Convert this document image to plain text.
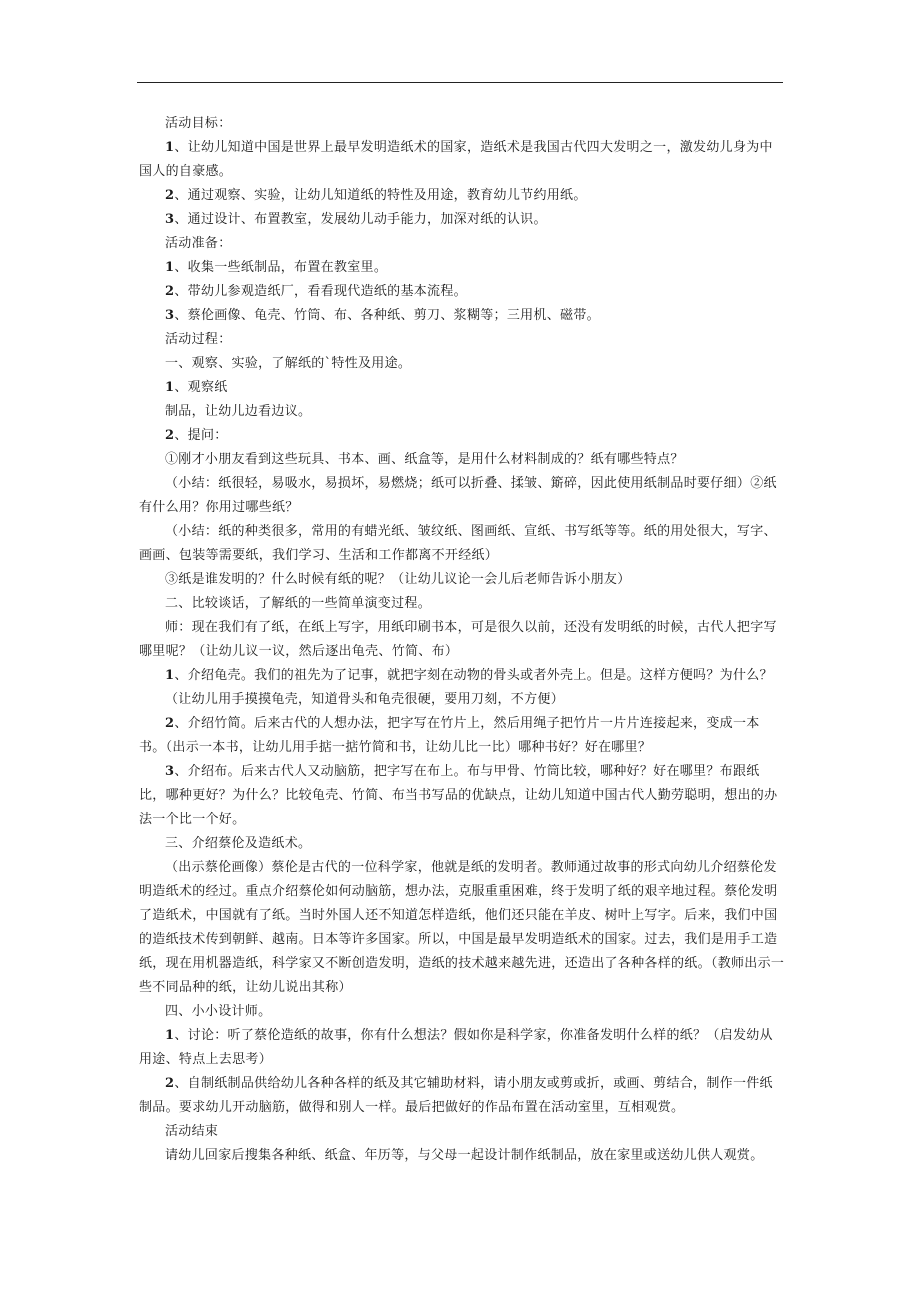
活动目标：

1、让幼儿知道中国是世界上最早发明造纸术的国家，造纸术是我国古代四大发明之一，激发幼儿身为中国人的自豪感。

2、通过观察、实验，让幼儿知道纸的特性及用途，教育幼儿节约用纸。

3、通过设计、布置教室，发展幼儿动手能力，加深对纸的认识。

活动准备：

1、收集一些纸制品，布置在教室里。

2、带幼儿参观造纸厂，看看现代造纸的基本流程。

3、蔡伦画像、龟壳、竹筒、布、各种纸、剪刀、浆糊等；三用机、磁带。

活动过程：

一、观察、实验，了解纸的`特性及用途。

1、观察纸

制品，让幼儿边看边议。

2、提问：

①刚才小朋友看到这些玩具、书本、画、纸盒等，是用什么材料制成的？纸有哪些特点？

（小结：纸很轻，易吸水，易损坏，易燃烧；纸可以折叠、揉皱、簛碎，因此使用纸制品时要仔细）②纸有什么用？你用过哪些纸？

（小结：纸的种类很多，常用的有蜡光纸、皱纹纸、图画纸、宣纸、书写纸等等。纸的用处很大，写字、画画、包装等需要纸，我们学习、生活和工作都离不开经纸）

③纸是谁发明的？什么时候有纸的呢？（让幼儿议论一会儿后老师告诉小朋友）

二、比较谈话，了解纸的一些简单演变过程。

师：现在我们有了纸，在纸上写字，用纸印刷书本，可是很久以前，还没有发明纸的时候，古代人把字写哪里呢？（让幼儿议一议，然后逐出龟壳、竹简、布）

1、介绍龟壳。我们的祖先为了记事，就把字刻在动物的骨头或者外壳上。但是。这样方便吗？为什么？

（让幼儿用手摸摸龟壳，知道骨头和龟壳很硬，要用刀刻，不方便）

2、介绍竹简。后来古代的人想办法，把字写在竹片上，然后用绳子把竹片一片片连接起来，变成一本书。（出示一本书，让幼儿用手掂一掂竹简和书，让幼儿比一比）哪种书好？好在哪里？

3、介绍布。后来古代人又动脑筋，把字写在布上。布与甲骨、竹筒比较，哪种好？好在哪里？布跟纸比，哪种更好？为什么？比较龟壳、竹简、布当书写品的优缺点，让幼儿知道中国古代人勤劳聪明，想出的办法一个比一个好。

三、介绍蔡伦及造纸术。

（出示蔡伦画像）蔡伦是古代的一位科学家，他就是纸的发明者。教师通过故事的形式向幼儿介绍蔡伦发明造纸术的经过。重点介绍蔡伦如何动脑筋，想办法，克服重重困难，终于发明了纸的艰辛地过程。蔡伦发明了造纸术，中国就有了纸。当时外国人还不知道怎样造纸，他们还只能在羊皮、树叶上写字。后来，我们中国的造纸技术传到朝鲜、越南。日本等许多国家。所以，中国是最早发明造纸术的国家。过去，我们是用手工造纸，现在用机器造纸，科学家又不断创造发明，造纸的技术越来越先进，还造出了各种各样的纸。（教师出示一些不同品种的纸，让幼儿说出其称）

四、小小设计师。

1、讨论：听了蔡伦造纸的故事，你有什么想法？假如你是科学家，你准备发明什么样的纸？（启发幼从用途、特点上去思考）

2、自制纸制品供给幼儿各种各样的纸及其它辅助材料，请小朋友或剪或折，或画、剪结合，制作一件纸制品。要求幼儿开动脑筋，做得和别人一样。最后把做好的作品布置在活动室里，互相观赏。

活动结束

请幼儿回家后搜集各种纸、纸盒、年历等，与父母一起设计制作纸制品，放在家里或送幼儿供人观赏。
